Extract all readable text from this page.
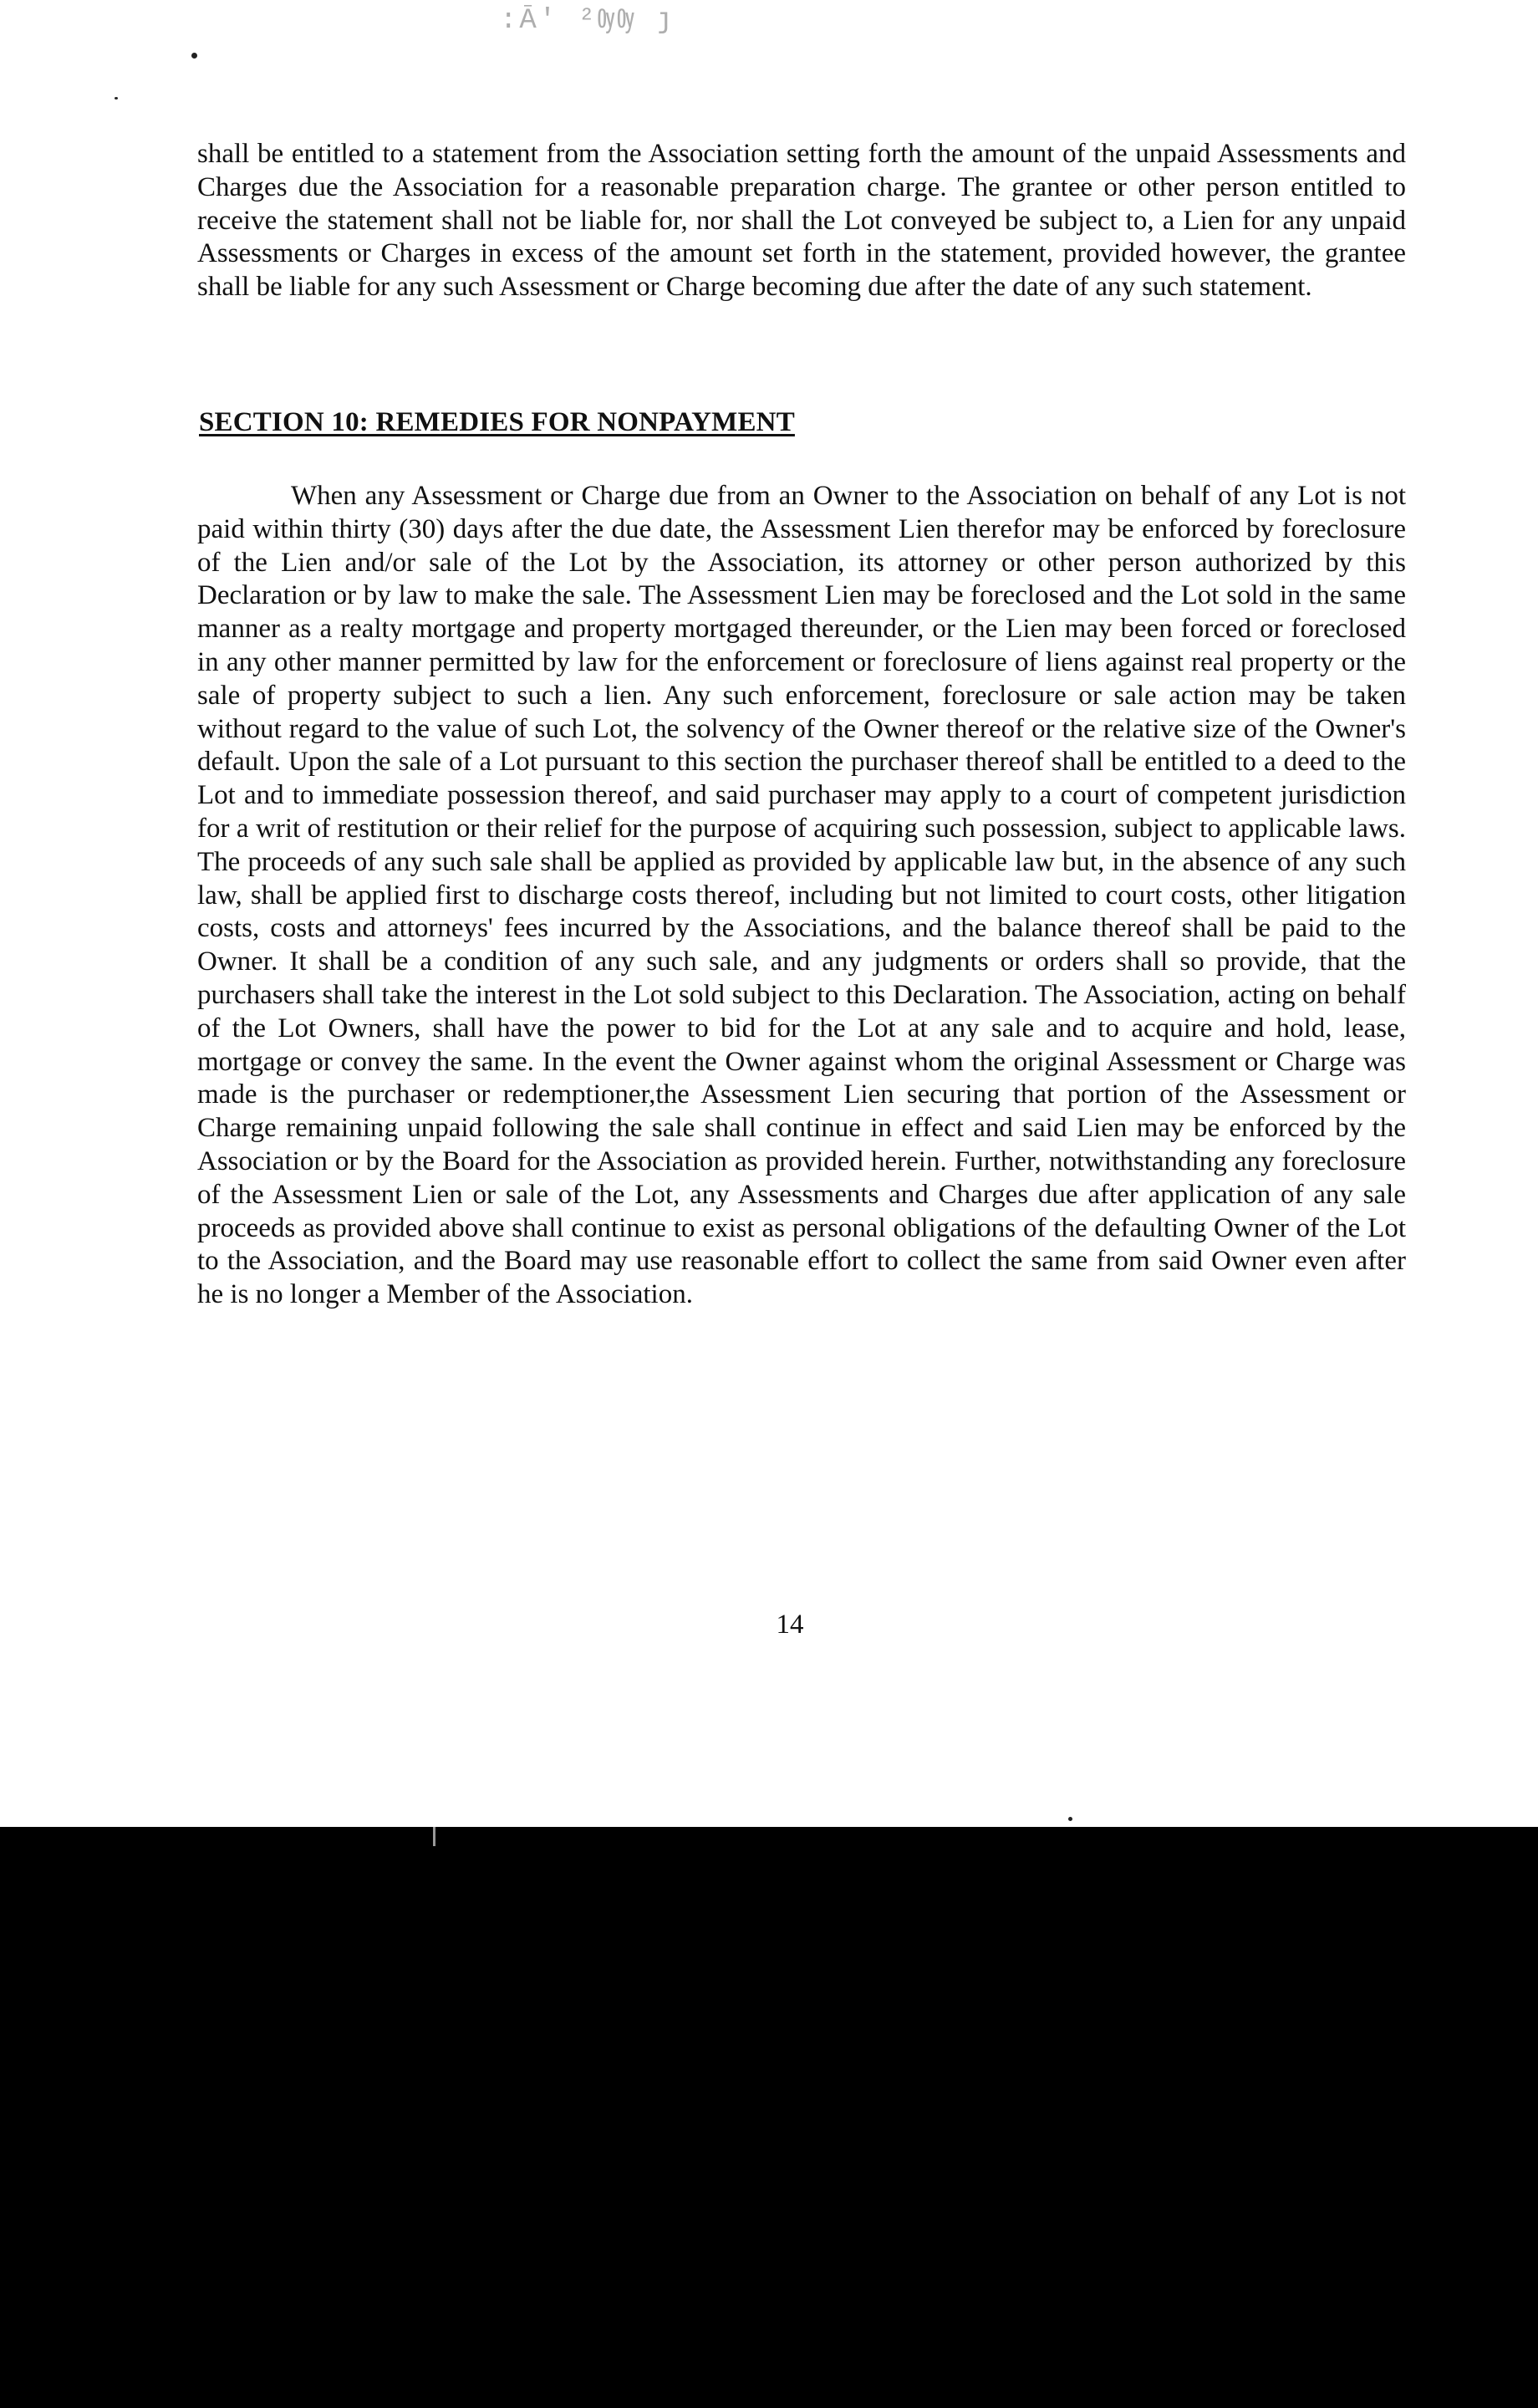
:Ā' ²ѸѸ ȷ

shall be entitled to a statement from the Association setting forth the amount of the unpaid Assessments and Charges due the Association for a reasonable preparation charge. The grantee or other person entitled to receive the statement shall not be liable for, nor shall the Lot conveyed be subject to, a Lien for any unpaid Assessments or Charges in excess of the amount set forth in the statement, provided however, the grantee shall be liable for any such Assessment or Charge becoming due after the date of any such statement.

SECTION 10: REMEDIES FOR NONPAYMENT

When any Assessment or Charge due from an Owner to the Association on behalf of any Lot is not paid within thirty (30) days after the due date, the Assessment Lien therefor may be enforced by foreclosure of the Lien and/or sale of the Lot by the Association, its attorney or other person authorized by this Declaration or by law to make the sale. The Assessment Lien may be foreclosed and the Lot sold in the same manner as a realty mortgage and property mortgaged thereunder, or the Lien may been forced or foreclosed in any other manner permitted by law for the enforcement or foreclosure of liens against real property or the sale of property subject to such a lien. Any such enforcement, foreclosure or sale action may be taken without regard to the value of such Lot, the solvency of the Owner thereof or the relative size of the Owner's default. Upon the sale of a Lot pursuant to this section the purchaser thereof shall be entitled to a deed to the Lot and to immediate possession thereof, and said purchaser may apply to a court of competent jurisdiction for a writ of restitution or their relief for the purpose of acquiring such possession, subject to applicable laws. The proceeds of any such sale shall be applied as provided by applicable law but, in the absence of any such law, shall be applied first to discharge costs thereof, including but not limited to court costs, other litigation costs, costs and attorneys' fees incurred by the Associations, and the balance thereof shall be paid to the Owner. It shall be a condition of any such sale, and any judgments or orders shall so provide, that the purchasers shall take the interest in the Lot sold subject to this Declaration. The Association, acting on behalf of the Lot Owners, shall have the power to bid for the Lot at any sale and to acquire and hold, lease, mortgage or convey the same. In the event the Owner against whom the original Assessment or Charge was made is the purchaser or redemptioner,the Assessment Lien securing that portion of the Assessment or Charge remaining unpaid following the sale shall continue in effect and said Lien may be enforced by the Association or by the Board for the Association as provided herein. Further, notwithstanding any foreclosure of the Assessment Lien or sale of the Lot, any Assessments and Charges due after application of any sale proceeds as provided above shall continue to exist as personal obligations of the defaulting Owner of the Lot to the Association, and the Board may use reasonable effort to collect the same from said Owner even after he is no longer a Member of the Association.

14
